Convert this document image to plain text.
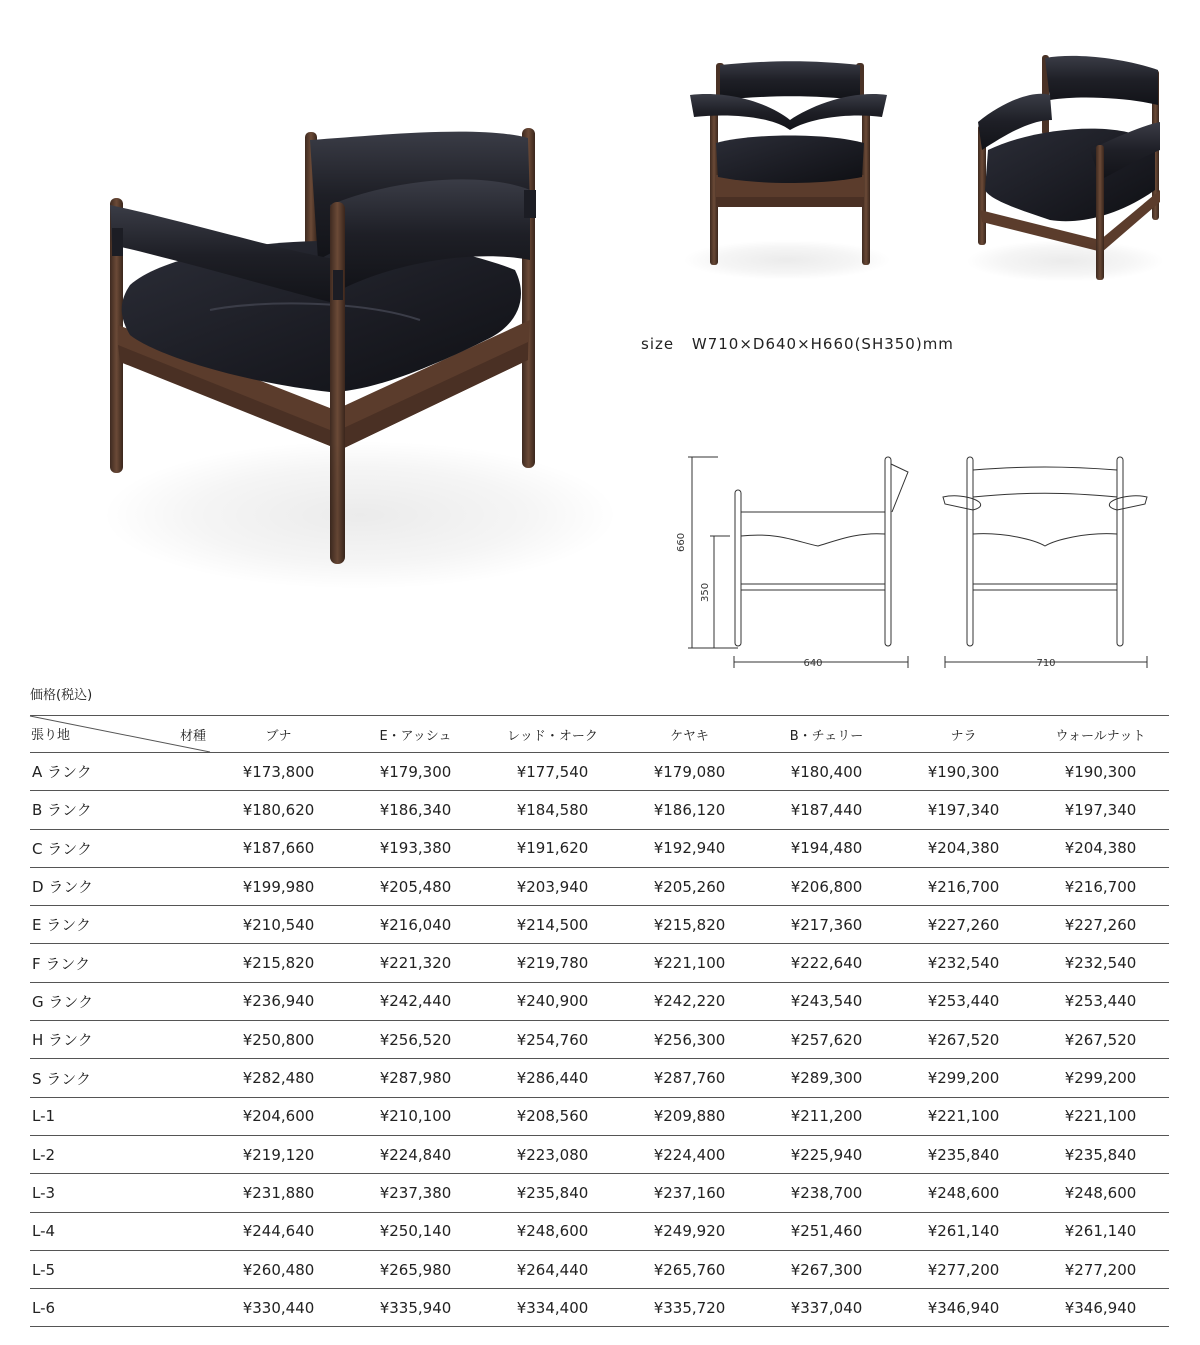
size W710×D640×H660(SH350)mm
660
350
640	710
価格(税込)
材種
張り地	ブナ	E・アッシュ	レッド・オーク	ケヤキ	B・チェリー	ナラ	ウォールナット
A ランク	¥173,800	¥179,300	¥177,540	¥179,080	¥180,400	¥190,300	¥190,300
B ランク	¥180,620	¥186,340	¥184,580	¥186,120	¥187,440	¥197,340	¥197,340
C ランク	¥187,660	¥193,380	¥191,620	¥192,940	¥194,480	¥204,380	¥204,380
D ランク	¥199,980	¥205,480	¥203,940	¥205,260	¥206,800	¥216,700	¥216,700
E ランク	¥210,540	¥216,040	¥214,500	¥215,820	¥217,360	¥227,260	¥227,260
F ランク	¥215,820	¥221,320	¥219,780	¥221,100	¥222,640	¥232,540	¥232,540
G ランク	¥236,940	¥242,440	¥240,900	¥242,220	¥243,540	¥253,440	¥253,440
H ランク	¥250,800	¥256,520	¥254,760	¥256,300	¥257,620	¥267,520	¥267,520
S ランク	¥282,480	¥287,980	¥286,440	¥287,760	¥289,300	¥299,200	¥299,200
L-1	¥204,600	¥210,100	¥208,560	¥209,880	¥211,200	¥221,100	¥221,100
L-2	¥219,120	¥224,840	¥223,080	¥224,400	¥225,940	¥235,840	¥235,840
L-3	¥231,880	¥237,380	¥235,840	¥237,160	¥238,700	¥248,600	¥248,600
L-4	¥244,640	¥250,140	¥248,600	¥249,920	¥251,460	¥261,140	¥261,140
L-5	¥260,480	¥265,980	¥264,440	¥265,760	¥267,300	¥277,200	¥277,200
L-6	¥330,440	¥335,940	¥334,400	¥335,720	¥337,040	¥346,940	¥346,940
